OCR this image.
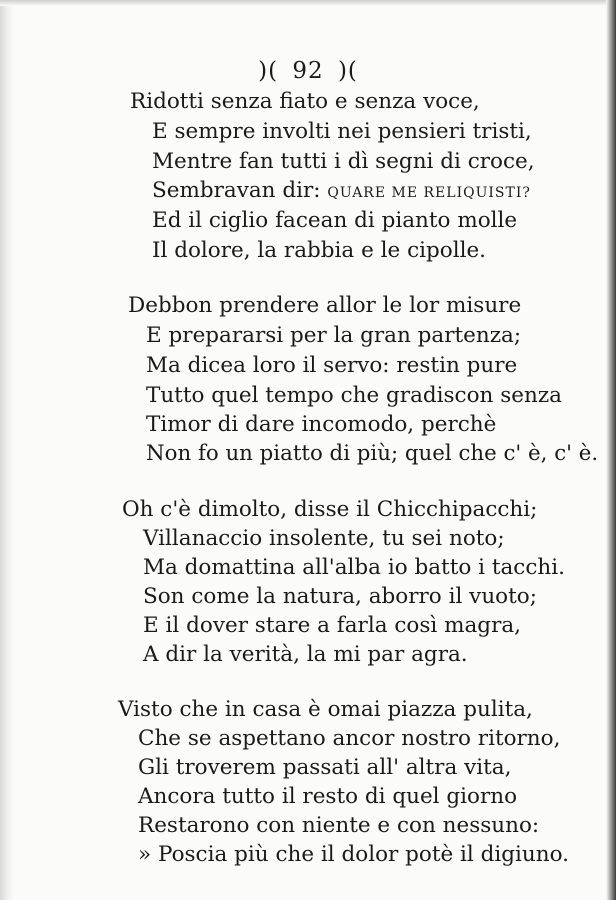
)( 92 )(
Ridotti senza fiato e senza voce,
E sempre involti nei pensieri tristi,
Mentre fan tutti i dì segni di croce,
Sembravan dir: QUARE ME RELIQUISTI?
Ed il ciglio facean di pianto molle
Il dolore, la rabbia e le cipolle.
Debbon prendere allor le lor misure
E prepararsi per la gran partenza;
Ma dicea loro il servo: restin pure
Tutto quel tempo che gradiscon senza
Timor di dare incomodo, perchè
Non fo un piatto di più; quel che c' è, c' è.
Oh c'è dimolto, disse il Chicchipacchi;
Villanaccio insolente, tu sei noto;
Ma domattina all'alba io batto i tacchi.
Son come la natura, aborro il vuoto;
E il dover stare a farla così magra,
A dir la verità, la mi par agra.
Visto che in casa è omai piazza pulita,
Che se aspettano ancor nostro ritorno,
Gli troverem passati all' altra vita,
Ancora tutto il resto di quel giorno
Restarono con niente e con nessuno:
» Poscia più che il dolor potè il digiuno.
